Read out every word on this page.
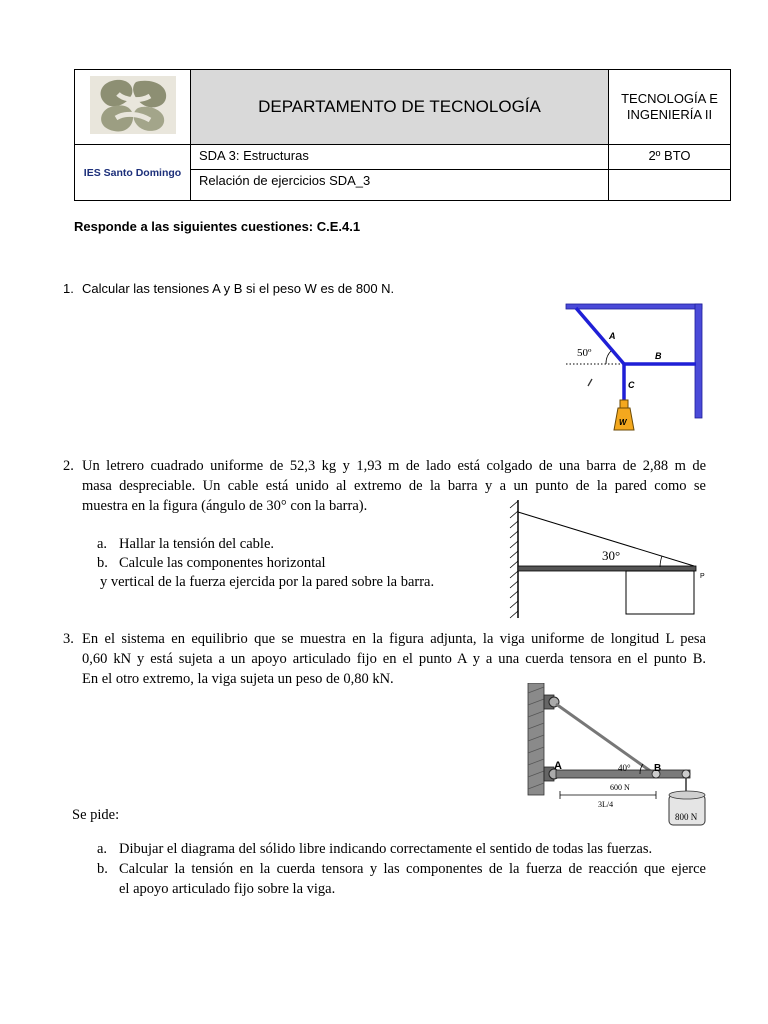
	DEPARTAMENTO DE TECNOLOGÍA	TECNOLOGÍA E
INGENIERÍA II

IES Santo Domingo	SDA 3: Estructuras	2º BTO
	Relación de ejercicios SDA_3	
Responde a las siguientes cuestiones: C.E.4.1
1. Calcular las tensiones A y B si el peso W es de 800 N.
A
B
C
W
50º
2. Un letrero cuadrado uniforme de 52,3 kg y 1,93 m de lado está colgado de una barra de 2,88 m de
masa despreciable. Un cable está unido al extremo de la barra y a un punto de la pared como se
muestra en la figura (ángulo de 30° con la barra).
a. Hallar la tensión del cable.
b. Calcule las componentes horizontal
y vertical de la fuerza ejercida por la pared sobre la barra.
30°
P
3. En el sistema en equilibrio que se muestra en la figura adjunta, la viga uniforme de longitud L pesa
0,60 kN y está sujeta a un apoyo articulado fijo en el punto A y a una cuerda tensora en el punto B.
En el otro extremo, la viga sujeta un peso de 0,80 kN.
A	B
40°
600 N
3L/4
800 N
Se pide:
a. Dibujar el diagrama del sólido libre indicando correctamente el sentido de todas las fuerzas.
b. Calcular la tensión en la cuerda tensora y las componentes de la fuerza de reacción que ejerce
el apoyo articulado fijo sobre la viga.
